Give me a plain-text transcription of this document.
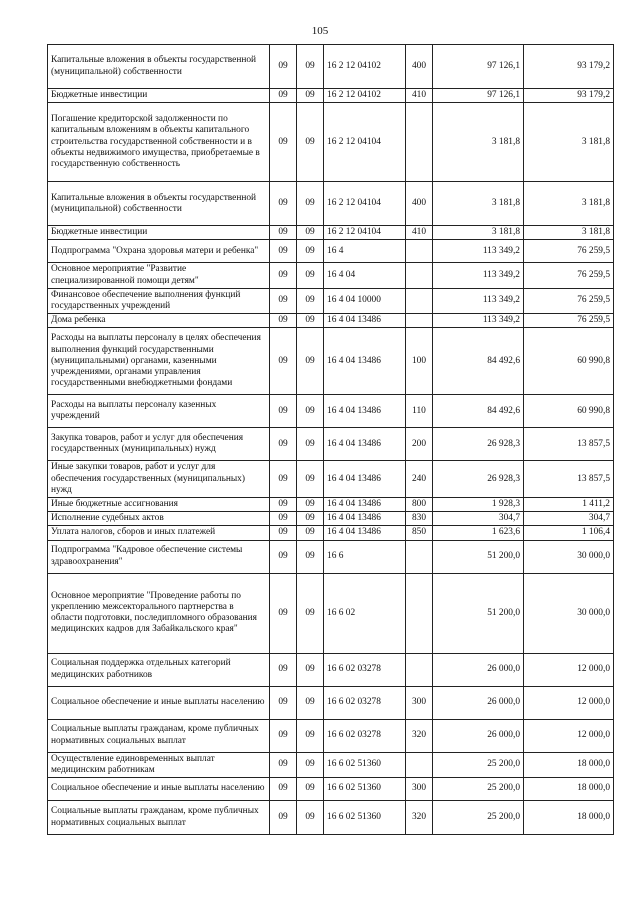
105
Капитальные вложения в объекты государственной (муниципальной) собственности	09	09	16 2 12 04102	400	97 126,1	93 179,2
Бюджетные инвестиции	09	09	16 2 12 04102	410	97 126,1	93 179,2
Погашение кредиторской задолженности по капитальным вложениям в объекты капитального строительства государственной собственности и в объекты недвижимого имущества, приобретаемые в государственную собственность	09	09	16 2 12 04104		3 181,8	3 181,8
Капитальные вложения в объекты государственной (муниципальной) собственности	09	09	16 2 12 04104	400	3 181,8	3 181,8
Бюджетные инвестиции	09	09	16 2 12 04104	410	3 181,8	3 181,8
Подпрограмма "Охрана здоровья матери и ребенка"	09	09	16 4		113 349,2	76 259,5
Основное мероприятие "Развитие специализированной помощи детям"	09	09	16 4 04		113 349,2	76 259,5
Финансовое обеспечение выполнения функций государственных учреждений	09	09	16 4 04 10000		113 349,2	76 259,5
Дома ребенка	09	09	16 4 04 13486		113 349,2	76 259,5
Расходы на выплаты персоналу в целях обеспечения выполнения функций государственными (муниципальными) органами, казенными учреждениями, органами управления государственными внебюджетными фондами	09	09	16 4 04 13486	100	84 492,6	60 990,8
Расходы на выплаты персоналу казенных учреждений	09	09	16 4 04 13486	110	84 492,6	60 990,8
Закупка товаров, работ и услуг для обеспечения государственных (муниципальных) нужд	09	09	16 4 04 13486	200	26 928,3	13 857,5
Иные закупки товаров, работ и услуг для обеспечения государственных (муниципальных) нужд	09	09	16 4 04 13486	240	26 928,3	13 857,5
Иные бюджетные ассигнования	09	09	16 4 04 13486	800	1 928,3	1 411,2
Исполнение судебных актов	09	09	16 4 04 13486	830	304,7	304,7
Уплата налогов, сборов и иных платежей	09	09	16 4 04 13486	850	1 623,6	1 106,4
Подпрограмма "Кадровое обеспечение системы здравоохранения"	09	09	16 6		51 200,0	30 000,0
Основное мероприятие "Проведение работы по укреплению межсекторального партнерства в области подготовки, последипломного образования медицинских кадров для Забайкальского края"	09	09	16 6 02		51 200,0	30 000,0
Социальная поддержка отдельных категорий медицинских работников	09	09	16 6 02 03278		26 000,0	12 000,0
Социальное обеспечение и иные выплаты населению	09	09	16 6 02 03278	300	26 000,0	12 000,0
Социальные выплаты гражданам, кроме публичных нормативных социальных выплат	09	09	16 6 02 03278	320	26 000,0	12 000,0
Осуществление единовременных выплат медицинским работникам	09	09	16 6 02 51360		25 200,0	18 000,0
Социальное обеспечение и иные выплаты населению	09	09	16 6 02 51360	300	25 200,0	18 000,0
Социальные выплаты гражданам, кроме публичных нормативных социальных выплат	09	09	16 6 02 51360	320	25 200,0	18 000,0
